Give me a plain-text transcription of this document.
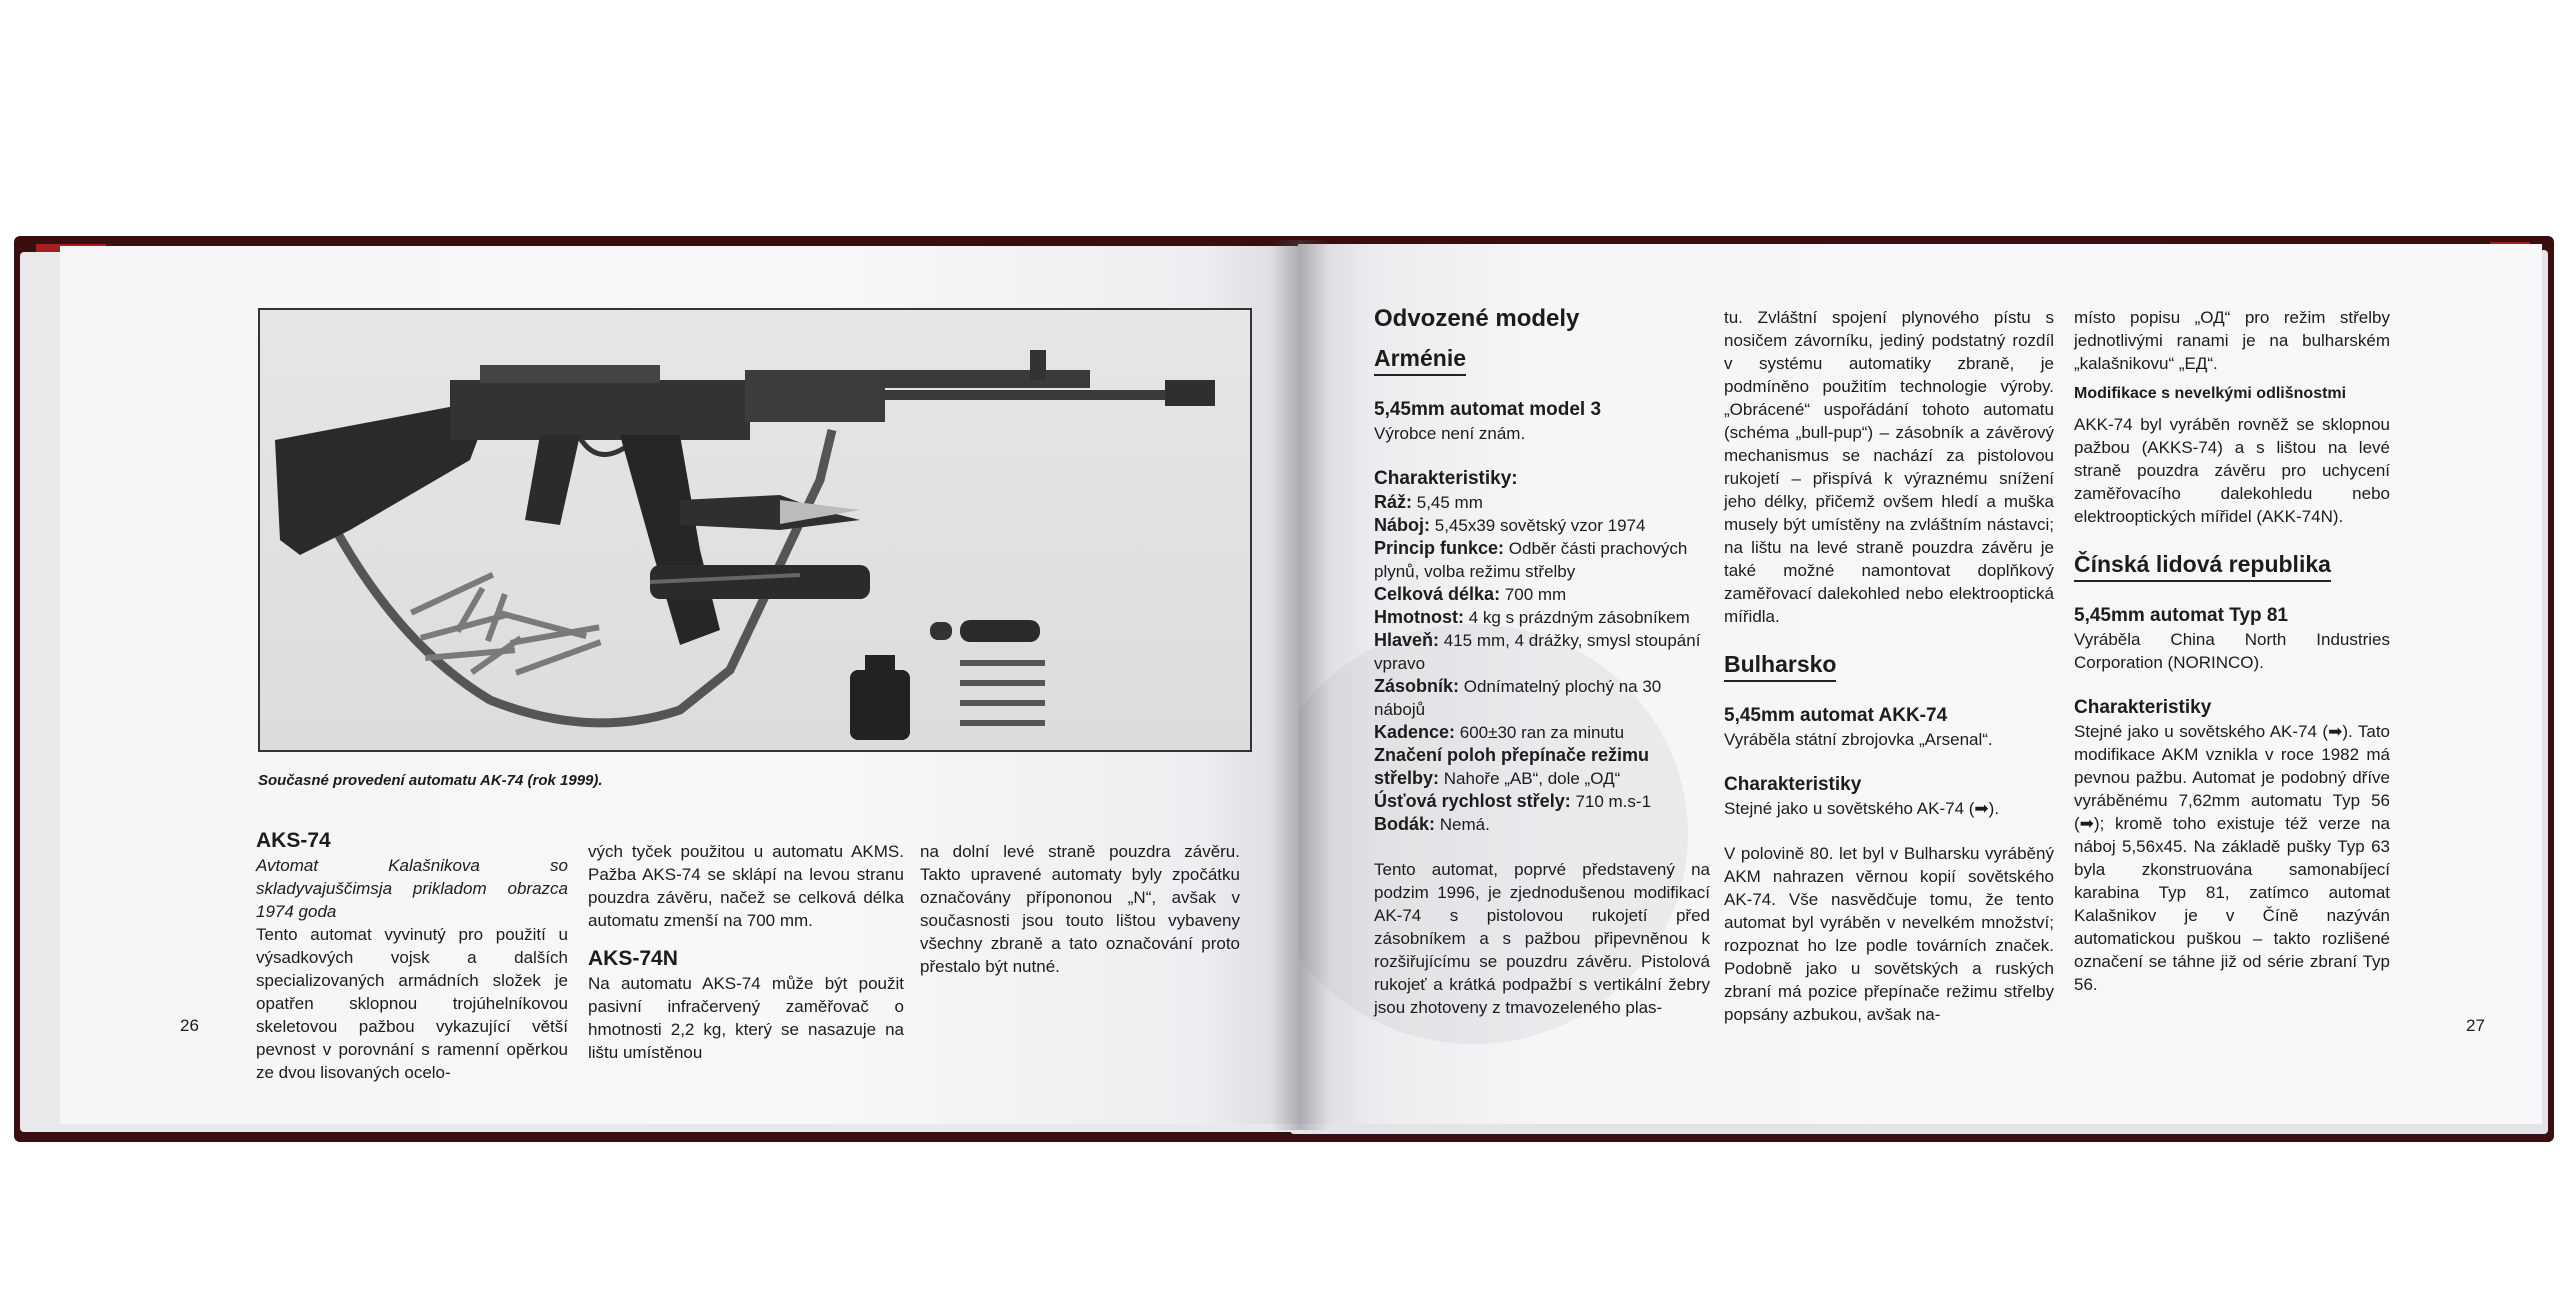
Současné provedení automatu AK-74 (rok 1999).

AKS-74

Avtomat Kalašnikova so skladyvajuščimsja prikladom obrazca 1974 goda

Tento automat vyvinutý pro použití u výsadkových vojsk a dalších specializovaných armádních složek je opatřen sklopnou trojúhelníkovou skeletovou pažbou vykazující větší pevnost v porovnání s ramenní opěrkou ze dvou lisovaných ocelo-

vých tyček použitou u automatu AKMS. Pažba AKS-74 se sklápí na levou stranu pouzdra závěru, načež se celková délka automatu zmenší na 700 mm.

AKS-74N

Na automatu AKS-74 může být použit pasivní infračervený zaměřovač o hmotnosti 2,2 kg, který se nasazuje na lištu umístěnou

na dolní levé straně pouzdra závěru. Takto upravené automaty byly zpočátku označovány přípononou „N“, avšak v současnosti jsou touto lištou vybaveny všechny zbraně a tato označování proto přestalo být nutné.

26

Odvozené modely

Arménie

5,45mm automat model 3

Výrobce není znám.

Charakteristiky:

Ráž: 5,45 mm

Náboj: 5,45x39 sovětský vzor 1974

Princip funkce: Odběr části prachových plynů, volba režimu střelby

Celková délka: 700 mm

Hmotnost: 4 kg s prázdným zásobníkem

Hlaveň: 415 mm, 4 drážky, smysl stoupání vpravo

Zásobník: Odnímatelný plochý na 30 nábojů

Kadence: 600±30 ran za minutu

Značení poloh přepínače režimu střelby: Nahoře „AB“, dole „ОД“

Úsťová rychlost střely: 710 m.s-1

Bodák: Nemá.

Tento automat, poprvé představený na podzim 1996, je zjednodušenou modifikací AK-74 s pistolovou rukojetí před zásobníkem a s pažbou připevněnou k rozšiřujícímu se pouzdru závěru. Pistolová rukojeť a krátká podpažbí s vertikální žebry jsou zhotoveny z tmavozeleného plas-

tu. Zvláštní spojení plynového pístu s nosičem závorníku, jediný podstatný rozdíl v systému automatiky zbraně, je podmíněno použitím technologie výroby. „Obrácené“ uspořádání tohoto automatu (schéma „bull-pup“) – zásobník a závěrový mechanismus se nachází za pistolovou rukojetí – přispívá k výraznému snížení jeho délky, přičemž ovšem hledí a muška musely být umístěny na zvláštním nástavci; na lištu na levé straně pouzdra závěru je také možné namontovat doplňkový zaměřovací dalekohled nebo elektrooptická mířidla.

Bulharsko

5,45mm automat AKK-74

Vyráběla státní zbrojovka „Arsenal“.

Charakteristiky

Stejné jako u sovětského AK-74 (➡).

V polovině 80. let byl v Bulharsku vyráběný AKM nahrazen věrnou kopií sovětského AK-74. Vše nasvědčuje tomu, že tento automat byl vyráběn v nevelkém množství; rozpoznat ho lze podle továrních značek. Podobně jako u sovětských a ruských zbraní má pozice přepínače režimu střelby popsány azbukou, avšak na-

místo popisu „ОД“ pro režim střelby jednotlivými ranami je na bulharském „kalašnikovu“ „ЕД“.

Modifikace s nevelkými odlišnostmi

AKK-74 byl vyráběn rovněž se sklopnou pažbou (AKKS-74) a s lištou na levé straně pouzdra závěru pro uchycení zaměřovacího dalekohledu nebo elektrooptických mířidel (AKK-74N).

Čínská lidová republika

5,45mm automat Typ 81

Vyráběla China North Industries Corporation (NORINCO).

Charakteristiky

Stejné jako u sovětského AK-74 (➡). Tato modifikace AKM vznikla v roce 1982 má pevnou pažbu. Automat je podobný dříve vyráběnému 7,62mm automatu Typ 56 (➡); kromě toho existuje též verze na náboj 5,56x45. Na základě pušky Typ 63 byla zkonstruována samonabíjecí karabina Typ 81, zatímco automat Kalašnikov je v Číně nazýván automatickou puškou – takto rozlišené označení se táhne již od série zbraní Typ 56.

27
